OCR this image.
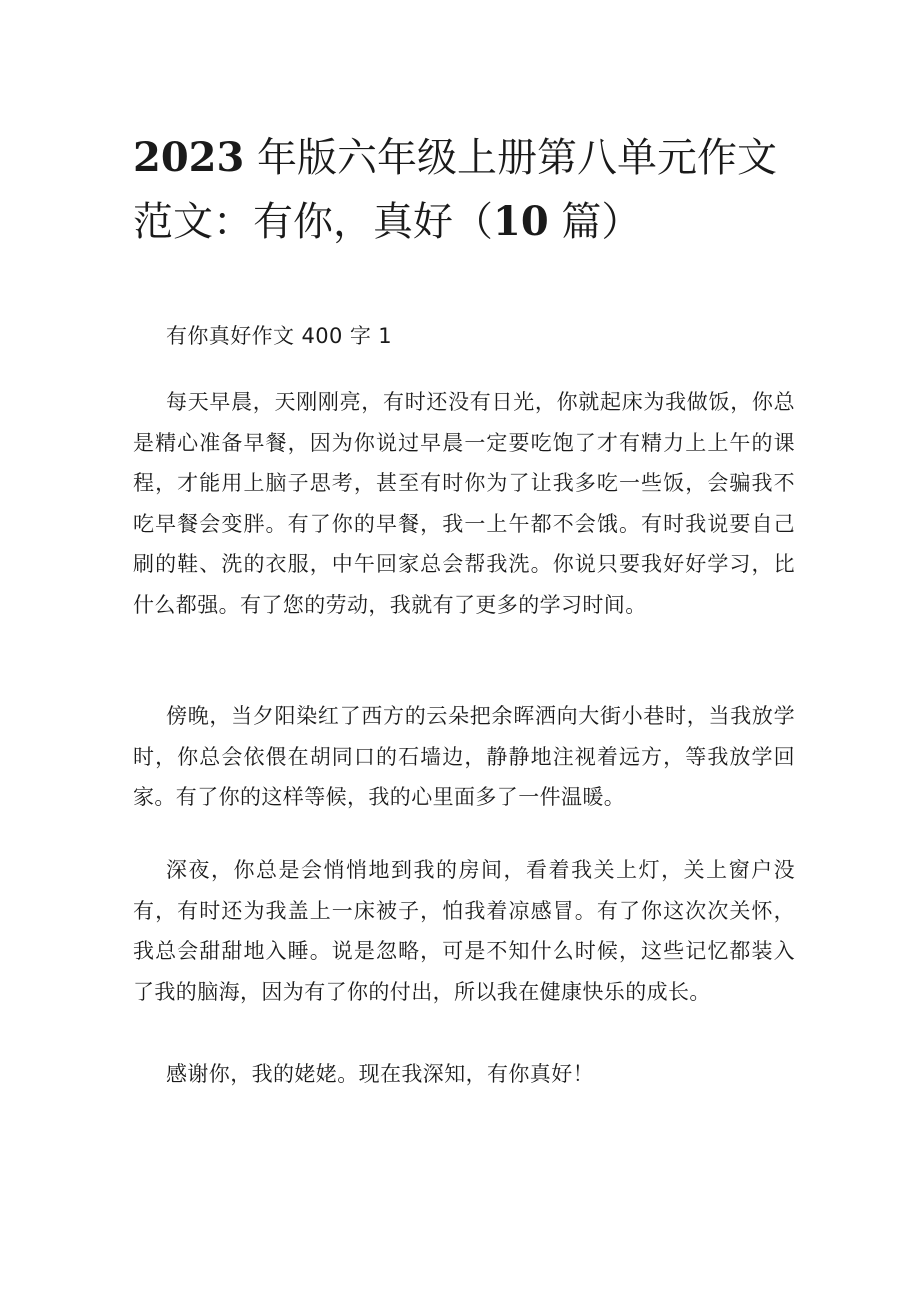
2023 年版六年级上册第八单元作文
范文：有你，真好（10 篇）

有你真好作文 400 字 1

每天早晨，天刚刚亮，有时还没有日光，你就起床为我做饭，你总是精心准备早餐，因为你说过早晨一定要吃饱了才有精力上上午的课程，才能用上脑子思考，甚至有时你为了让我多吃一些饭，会骗我不吃早餐会变胖。有了你的早餐，我一上午都不会饿。有时我说要自己刷的鞋、洗的衣服，中午回家总会帮我洗。你说只要我好好学习，比什么都强。有了您的劳动，我就有了更多的学习时间。

傍晚，当夕阳染红了西方的云朵把余晖洒向大街小巷时，当我放学时，你总会依偎在胡同口的石墙边，静静地注视着远方，等我放学回家。有了你的这样等候，我的心里面多了一件温暖。

深夜，你总是会悄悄地到我的房间，看着我关上灯，关上窗户没有，有时还为我盖上一床被子，怕我着凉感冒。有了你这次次关怀，我总会甜甜地入睡。说是忽略，可是不知什么时候，这些记忆都装入了我的脑海，因为有了你的付出，所以我在健康快乐的成长。

感谢你，我的姥姥。现在我深知，有你真好！
